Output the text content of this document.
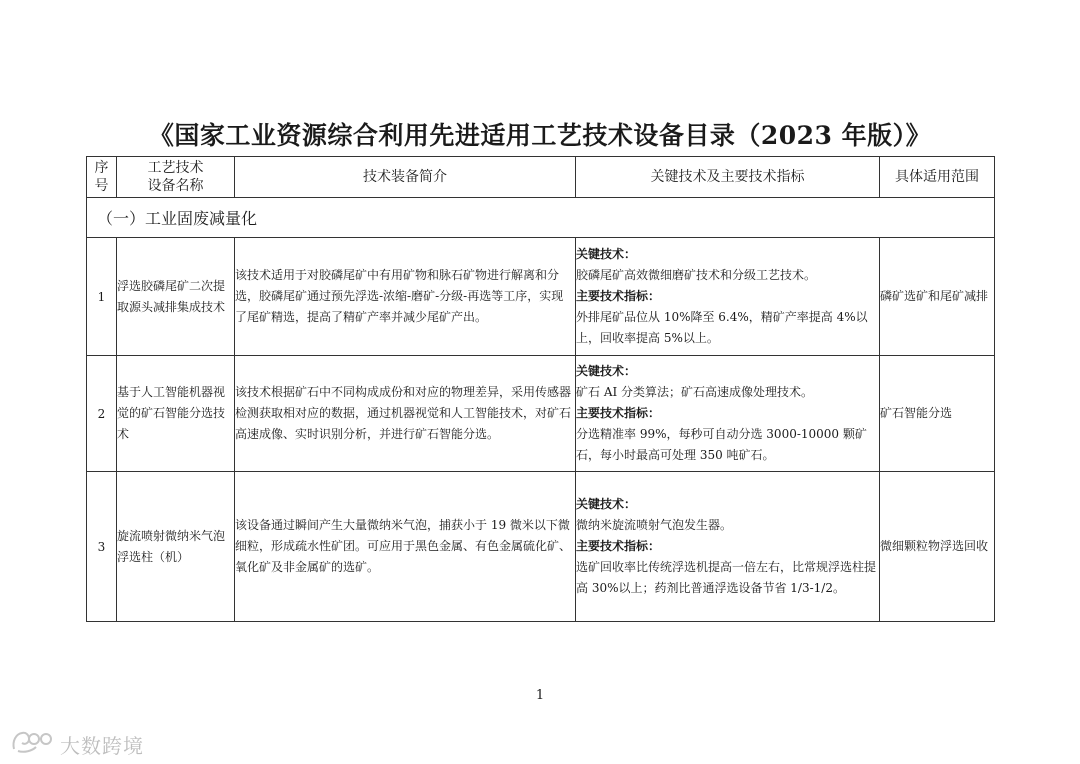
《国家工业资源综合利用先进适用工艺技术设备目录（2023 年版）》
序号	工艺技术设备名称	技术装备简介	关键技术及主要技术指标	具体适用范围
（一）工业固废减量化				
1	浮选胶磷尾矿二次提取源头减排集成技术	该技术适用于对胶磷尾矿中有用矿物和脉石矿物进行解离和分选，胶磷尾矿通过预先浮选-浓缩-磨矿-分级-再选等工序，实现了尾矿精选，提高了精矿产率并减少尾矿产出。	关键技术：
胶磷尾矿高效微细磨矿技术和分级工艺技术。
主要技术指标：
外排尾矿品位从 10%降至 6.4%，精矿产率提高 4%以上，回收率提高 5%以上。	磷矿选矿和尾矿减排
2	基于人工智能机器视觉的矿石智能分选技术	该技术根据矿石中不同构成成份和对应的物理差异，采用传感器检测获取相对应的数据，通过机器视觉和人工智能技术，对矿石高速成像、实时识别分析，并进行矿石智能分选。	关键技术：
矿石 AI 分类算法；矿石高速成像处理技术。
主要技术指标：
分选精准率 99%，每秒可自动分选 3000-10000 颗矿石，每小时最高可处理 350 吨矿石。	矿石智能分选
3	旋流喷射微纳米气泡浮选柱（机）	该设备通过瞬间产生大量微纳米气泡，捕获小于 19 微米以下微细粒，形成疏水性矿团。可应用于黑色金属、有色金属硫化矿、氧化矿及非金属矿的选矿。	关键技术：
微纳米旋流喷射气泡发生器。
主要技术指标：
选矿回收率比传统浮选机提高一倍左右，比常规浮选柱提高 30%以上；药剂比普通浮选设备节省 1/3-1/2。	微细颗粒物浮选回收
1
大数跨境
